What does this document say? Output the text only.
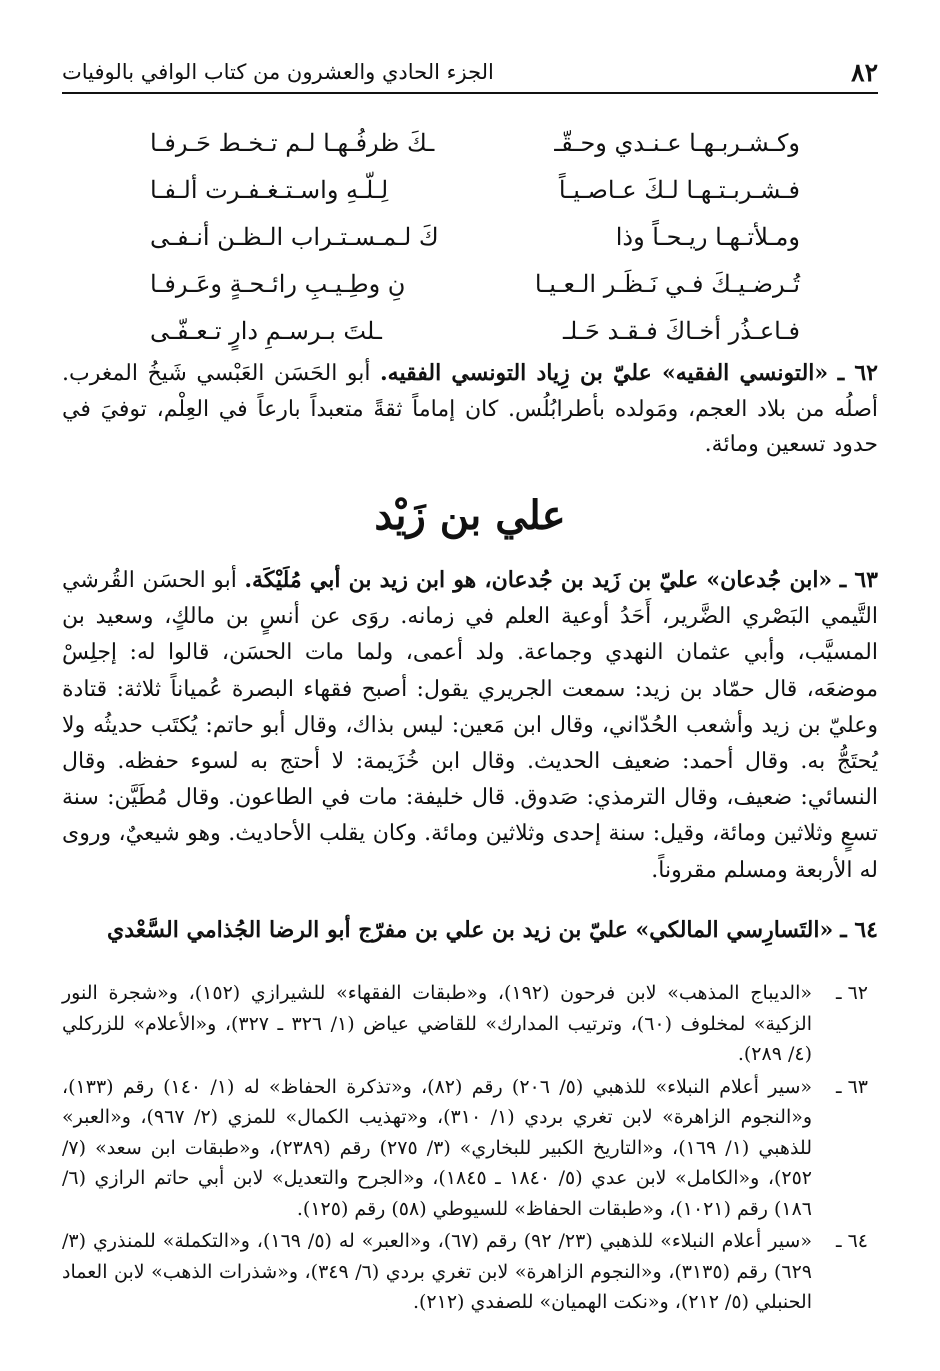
٨٢
الجزء الحادي والعشرون من كتاب الوافي بالوفيات
وكـشـربـهـا عـنـدي وحـقّـ
ـكَ ظرفُـهـا لـم تـخـط حَـرفـا
فـشـربـتـهـا لـكَ عـاصـيـاً
لِـلّـهِ واسـتـغـفـرت ألـفـا
ومـلأتـهـا ريـحـاً وذا
كَ لـمـسـتـراب الـظـن أنـفـى
تُـرضـيـكَ فـي نَـظَـر الـعـيـا
نِ وطِـيـبِ رائـحـةٍ وعَـرفـا
فـاعـذُر أخـاكَ فـقـد حَـلـ
ـلتَ بـرسـمِ دارٍ تـعـفّـى
٦٢ ـ «التونسي الفقيه» عليّ بن زِياد التونسي الفقيه. أبو الحَسَن العَبْسي شَيخُ المغرب. أصلُه من بلاد العجم، ومَولده بأطرابُلُس. كان إماماً ثقةً متعبداً بارعاً في العِلْم، توفيَ في حدود تسعين ومائة.
علي بن زَيْد
٦٣ ـ «ابن جُدعان» عليّ بن زَيد بن جُدعان، هو ابن زيد بن أبي مُلَيْكَة. أبو الحسَن القُرشي التَّيمي البَصْري الضَّرير، أَحَدُ أوعية العلم في زمانه. روَى عن أنسٍ بن مالكٍ، وسعيد بن المسيَّب، وأبي عثمان النهدي وجماعة. ولد أعمى، ولما مات الحسَن، قالوا له: إجلِسْ موضعَه، قال حمّاد بن زيد: سمعت الجريري يقول: أصبح فقهاء البصرة عُمياناً ثلاثة: قتادة وعليّ بن زيد وأشعب الحُدّاني، وقال ابن مَعين: ليس بذاك، وقال أبو حاتم: يُكتَب حديثُه ولا يُحتَجُّ به. وقال أحمد: ضعيف الحديث. وقال ابن خُزَيمة: لا أحتج به لسوء حفظه. وقال النسائي: ضعيف، وقال الترمذي: صَدوق. قال خليفة: مات في الطاعون. وقال مُطَيَّن: سنة تسعٍ وثلاثين ومائة، وقيل: سنة إحدى وثلاثين ومائة. وكان يقلب الأحاديث. وهو شيعيٌ، وروى له الأربعة ومسلم مقروناً.
٦٤ ـ «التَسارِسي المالكي» عليّ بن زيد بن علي بن مفرّج أبو الرضا الجُذامي السَّعْدي
٦٢ ـ
«الديباج المذهب» لابن فرحون (١٩٢)، و«طبقات الفقهاء» للشيرازي (١٥٢)، و«شجرة النور الزكية» لمخلوف (٦٠)، وترتيب المدارك» للقاضي عياض (١/ ٣٢٦ ـ ٣٢٧)، و«الأعلام» للزركلي (٤/ ٢٨٩).
٦٣ ـ
«سير أعلام النبلاء» للذهبي (٥/ ٢٠٦) رقم (٨٢)، و«تذكرة الحفاظ» له (١/ ١٤٠) رقم (١٣٣)، و«النجوم الزاهرة» لابن تغري بردي (١/ ٣١٠)، و«تهذيب الكمال» للمزي (٢/ ٩٦٧)، و«العبر» للذهبي (١/ ١٦٩)، و«التاريخ الكبير للبخاري» (٣/ ٢٧٥) رقم (٢٣٨٩)، و«طبقات ابن سعد» (٧/ ٢٥٢)، و«الكامل» لابن عدي (٥/ ١٨٤٠ ـ ١٨٤٥)، و«الجرح والتعديل» لابن أبي حاتم الرازي (٦/ ١٨٦) رقم (١٠٢١)، و«طبقات الحفاظ» للسيوطي (٥٨) رقم (١٢٥).
٦٤ ـ
«سير أعلام النبلاء» للذهبي (٢٣/ ٩٢) رقم (٦٧)، و«العبر» له (٥/ ١٦٩)، و«التكملة» للمنذري (٣/ ٦٢٩) رقم (٣١٣٥)، و«النجوم الزاهرة» لابن تغري بردي (٦/ ٣٤٩)، و«شذرات الذهب» لابن العماد الحنبلي (٥/ ٢١٢)، و«نكت الهميان» للصفدي (٢١٢).
